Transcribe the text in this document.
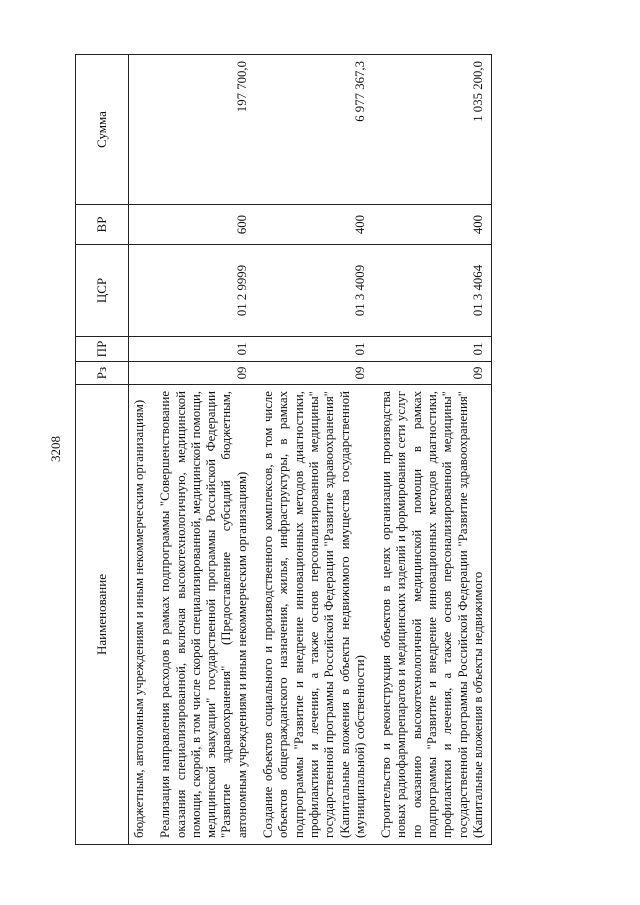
3208
Наименование	Рз	ПР	ЦСР	ВР	Сумма
бюджетным, автономным учреждениям и иным некоммерческим организациям)					
Реализация направления расходов в рамках подпрограммы "Совершенствование оказания специализированной, включая высокотехнологичную, медицинской помощи, скорой, в том числе скорой специализированной, медицинской помощи, медицинской эвакуации" государственной программы Российской Федерации "Развитие здравоохранения" (Предоставление субсидий бюджетным, автономным учреждениям и иным некоммерческим организациям)	09	01	01 2 9999	600	197 700,0
Создание объектов социального и производственного комплексов, в том числе объектов общегражданского назначения, жилья, инфраструктуры, в рамках подпрограммы "Развитие и внедрение инновационных методов диагностики, профилактики и лечения, а также основ персонализированной медицины" государственной программы Российской Федерации "Развитие здравоохранения" (Капитальные вложения в объекты недвижимого имущества государственной (муниципальной) собственности)	09	01	01 3 4009	400	6 977 367,3
Строительство и реконструкция объектов в целях организации производства новых радиофармпрепаратов и медицинских изделий и формирования сети услуг по оказанию высокотехнологичной медицинской помощи в рамках подпрограммы "Развитие и внедрение инновационных методов диагностики, профилактики и лечения, а также основ персонализированной медицины" государственной программы Российской Федерации "Развитие здравоохранения" (Капитальные вложения в объекты недвижимого	09	01	01 3 4064	400	1 035 200,0
